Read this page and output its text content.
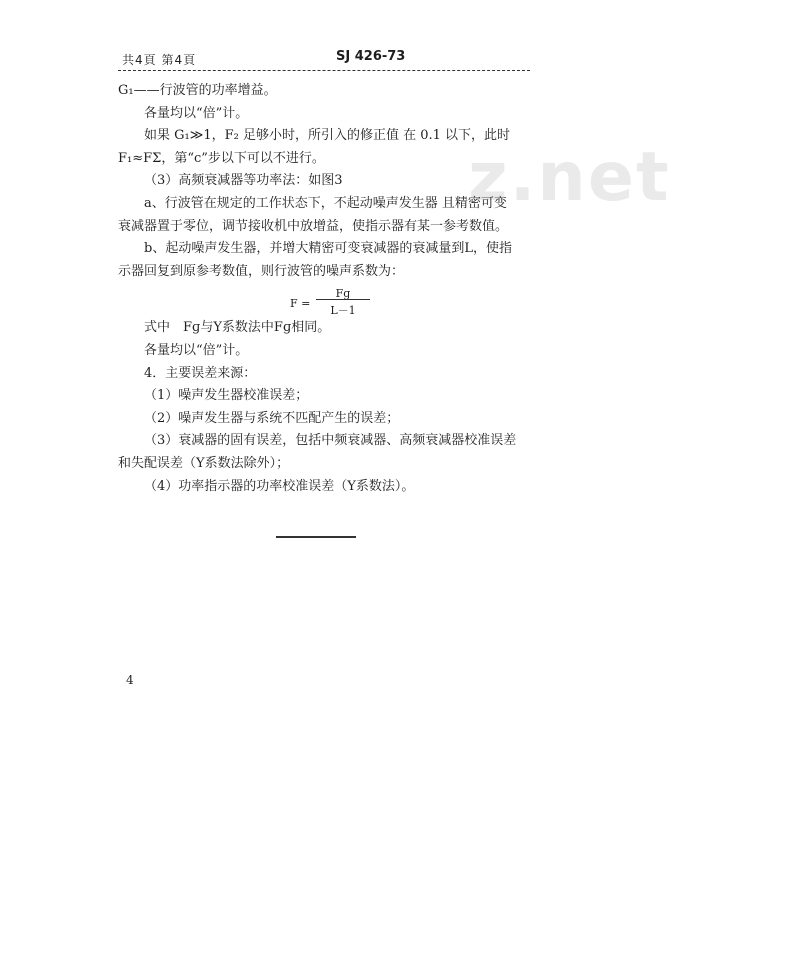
共4頁 第4頁	SJ 426-73
z.net
G₁——行波管的功率增益。
各量均以“倍”计。
如果 G₁≫1，F₂ 足够小时，所引入的修正值 在 0.1 以下，此时
F₁≈FΣ，第“c”步以下可以不进行。
（3）高频衰减器等功率法：如图3
a、行波管在规定的工作状态下，不起动噪声发生器 且精密可变
衰减器置于零位，调节接收机中放增益，使指示器有某一参考数值。
b、起动噪声发生器，并增大精密可变衰减器的衰减量到L，使指
示器回复到原参考数值，则行波管的噪声系数为：
F =
Fɡ
L－1
式中　Fɡ与Y系数法中Fɡ相同。
各量均以“倍”计。
4．主要误差来源：
（1）噪声发生器校准误差；
（2）噪声发生器与系统不匹配产生的误差；
（3）衰减器的固有误差，包括中频衰减器、高频衰减器校准误差
和失配误差（Y系数法除外）；
（4）功率指示器的功率校准误差（Y系数法）。
4
